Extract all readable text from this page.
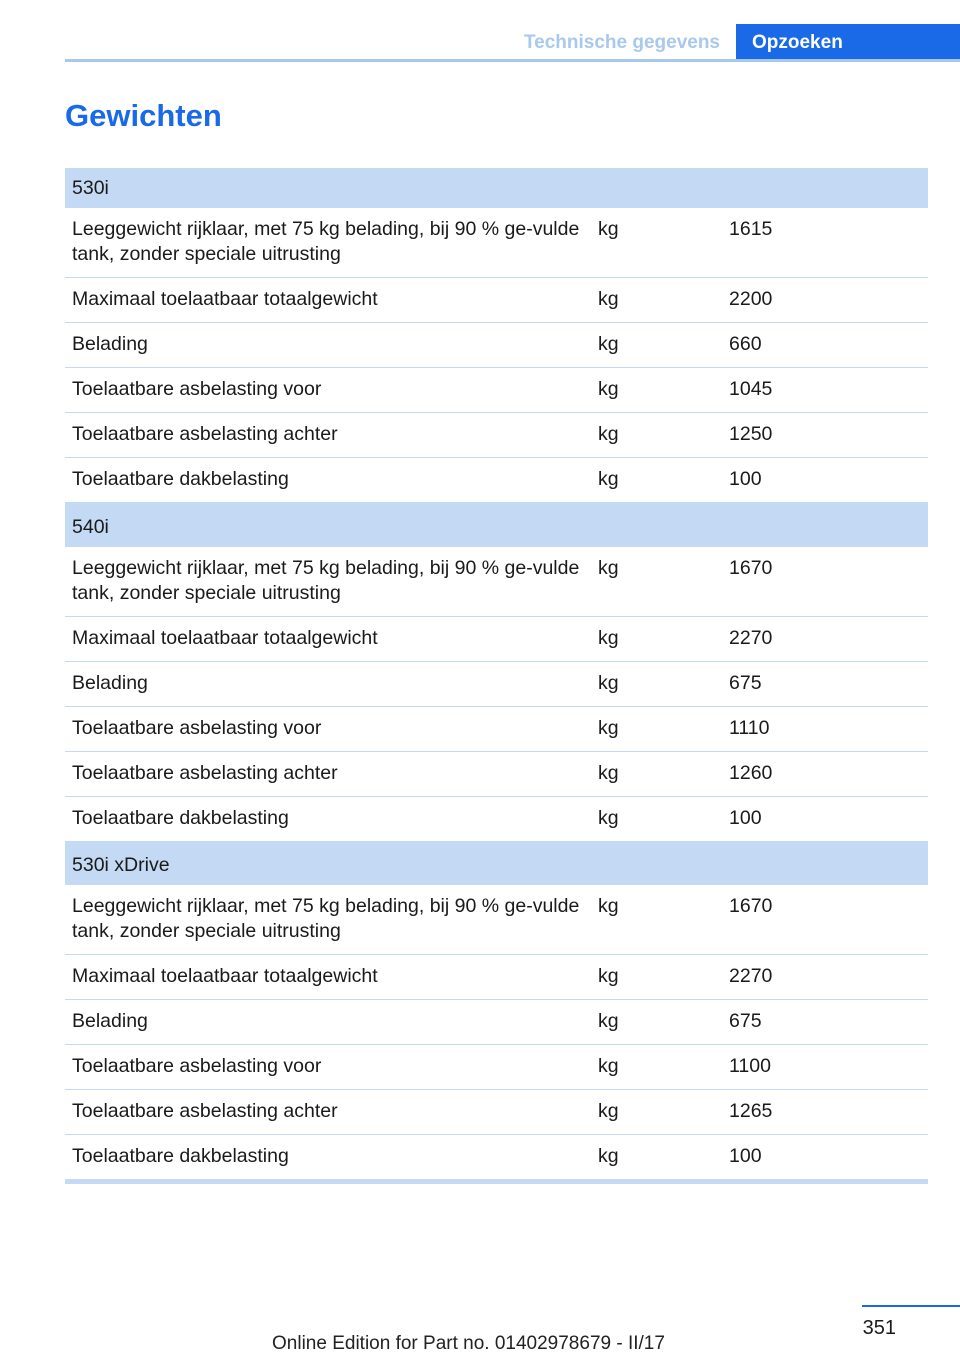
Technische gegevens	Opzoeken
Gewichten
530i		
Leeggewicht rijklaar, met 75 kg belading, bij 90 % ge‐vulde tank, zonder speciale uitrusting	kg	1615
Maximaal toelaatbaar totaalgewicht	kg	2200
Belading	kg	660
Toelaatbare asbelasting voor	kg	1045
Toelaatbare asbelasting achter	kg	1250
Toelaatbare dakbelasting	kg	100
540i		
Leeggewicht rijklaar, met 75 kg belading, bij 90 % ge‐vulde tank, zonder speciale uitrusting	kg	1670
Maximaal toelaatbaar totaalgewicht	kg	2270
Belading	kg	675
Toelaatbare asbelasting voor	kg	1110
Toelaatbare asbelasting achter	kg	1260
Toelaatbare dakbelasting	kg	100
530i xDrive		
Leeggewicht rijklaar, met 75 kg belading, bij 90 % ge‐vulde tank, zonder speciale uitrusting	kg	1670
Maximaal toelaatbaar totaalgewicht	kg	2270
Belading	kg	675
Toelaatbare asbelasting voor	kg	1100
Toelaatbare asbelasting achter	kg	1265
Toelaatbare dakbelasting	kg	100
351
Online Edition for Part no. 01402978679 - II/17
